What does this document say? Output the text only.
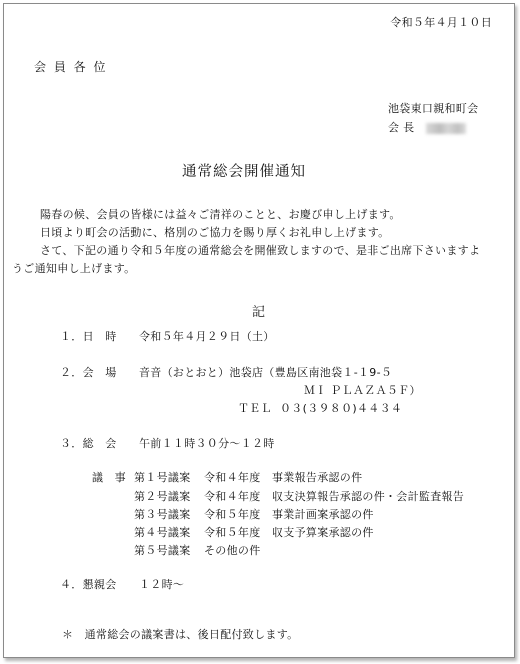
令和５年４月１０日
会 員 各 位
池袋東口親和町会
会 長
通常総会開催通知
陽春の候、会員の皆様には益々ご清祥のことと、お慶び申し上げます。
日頃より町会の活動に、格別のご協力を賜り厚くお礼申し上げます。
さて、下記の通り令和５年度の通常総会を開催致しますので、是非ご出席下さいますよ
うご通知申し上げます。
記
１．日　時 令和５年４月２９日（土）
２．会　場 音音（おとおと）池袋店（豊島区南池袋１-１9-５
ＭＩ ＰＬＡＺＡ５Ｆ）
ＴＥＬ ０３(３９８０)４４３４
３．総　会 午前１１時３０分〜１２時
議　事 第１号議案 令和４年度 事業報告承認の件
第２号議案 令和４年度 収支決算報告承認の件・会計監査報告
第３号議案 令和５年度 事業計画案承認の件
第４号議案 令和５年度 収支予算案承認の件
第５号議案 その他の件
４．懇親会 １２時〜
＊　通常総会の議案書は、後日配付致します。
